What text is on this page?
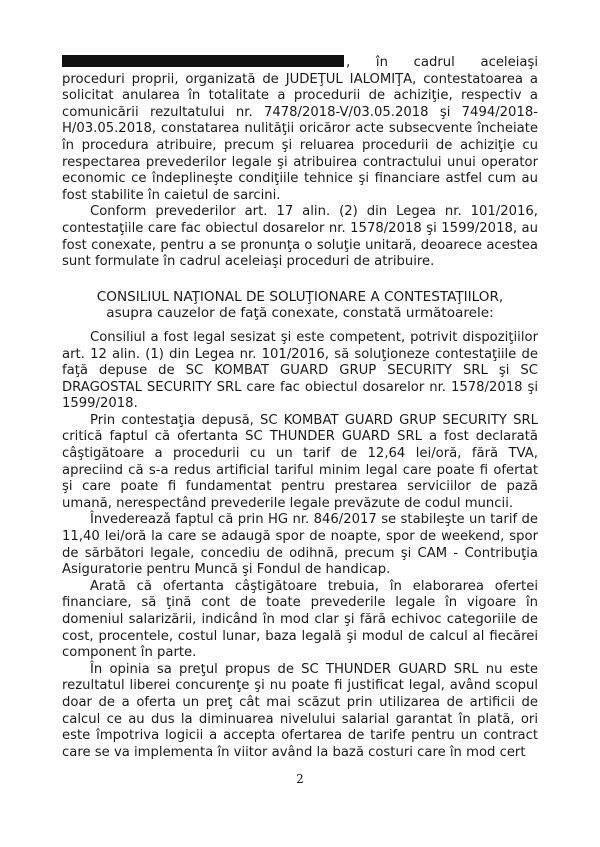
, în cadrul aceleiaşi proceduri proprii, organizată de JUDEŢUL IALOMIŢA, contestatoarea a solicitat anularea în totalitate a procedurii de achiziţie, respectiv a comunicării rezultatului nr. 7478/2018-V/03.05.2018 şi 7494/2018-H/03.05.2018, constatarea nulităţii oricăror acte subsecvente încheiate în procedura atribuire, precum şi reluarea procedurii de achiziţie cu respectarea prevederilor legale şi atribuirea contractului unui operator economic ce îndeplineşte condiţiile tehnice şi financiare astfel cum au fost stabilite în caietul de sarcini.

Conform prevederilor art. 17 alin. (2) din Legea nr. 101/2016, contestaţiile care fac obiectul dosarelor nr. 1578/2018 şi 1599/2018, au fost conexate, pentru a se pronunţa o soluţie unitară, deoarece acestea sunt formulate în cadrul aceleiaşi proceduri de atribuire.

CONSILIUL NAŢIONAL DE SOLUŢIONARE A CONTESTAŢIILOR,

asupra cauzelor de faţă conexate, constată următoarele:

Consiliul a fost legal sesizat şi este competent, potrivit dispoziţiilor art. 12 alin. (1) din Legea nr. 101/2016, să soluţioneze contestaţiile de faţă depuse de SC KOMBAT GUARD GRUP SECURITY SRL şi SC DRAGOSTAL SECURITY SRL care fac obiectul dosarelor nr. 1578/2018 şi 1599/2018.

Prin contestaţia depusă, SC KOMBAT GUARD GRUP SECURITY SRL critică faptul că ofertanta SC THUNDER GUARD SRL a fost declarată câştigătoare a procedurii cu un tarif de 12,64 lei/oră, fără TVA, apreciind că s-a redus artificial tariful minim legal care poate fi ofertat şi care poate fi fundamentat pentru prestarea serviciilor de pază umană, nerespectând prevederile legale prevăzute de codul muncii.

Învedereazǎ faptul că prin HG nr. 846/2017 se stabileşte un tarif de 11,40 lei/oră la care se adaugă spor de noapte, spor de weekend, spor de sărbători legale, concediu de odihnă, precum şi CAM - Contribuţia Asiguratorie pentru Muncă şi Fondul de handicap.

Arată că ofertanta câştigătoare trebuia, în elaborarea ofertei financiare, să ţină cont de toate prevederile legale în vigoare în domeniul salarizării, indicând în mod clar şi fără echivoc categoriile de cost, procentele, costul lunar, baza legală şi modul de calcul al fiecărei component în parte.

În opinia sa preţul propus de SC THUNDER GUARD SRL nu este rezultatul liberei concurenţe şi nu poate fi justificat legal, având scopul doar de a oferta un preţ cât mai scăzut prin utilizarea de artificii de calcul ce au dus la diminuarea nivelului salarial garantat în plată, ori este împotriva logicii a accepta ofertarea de tarife pentru un contract care se va implementa în viitor având la bază costuri care în mod cert

2
